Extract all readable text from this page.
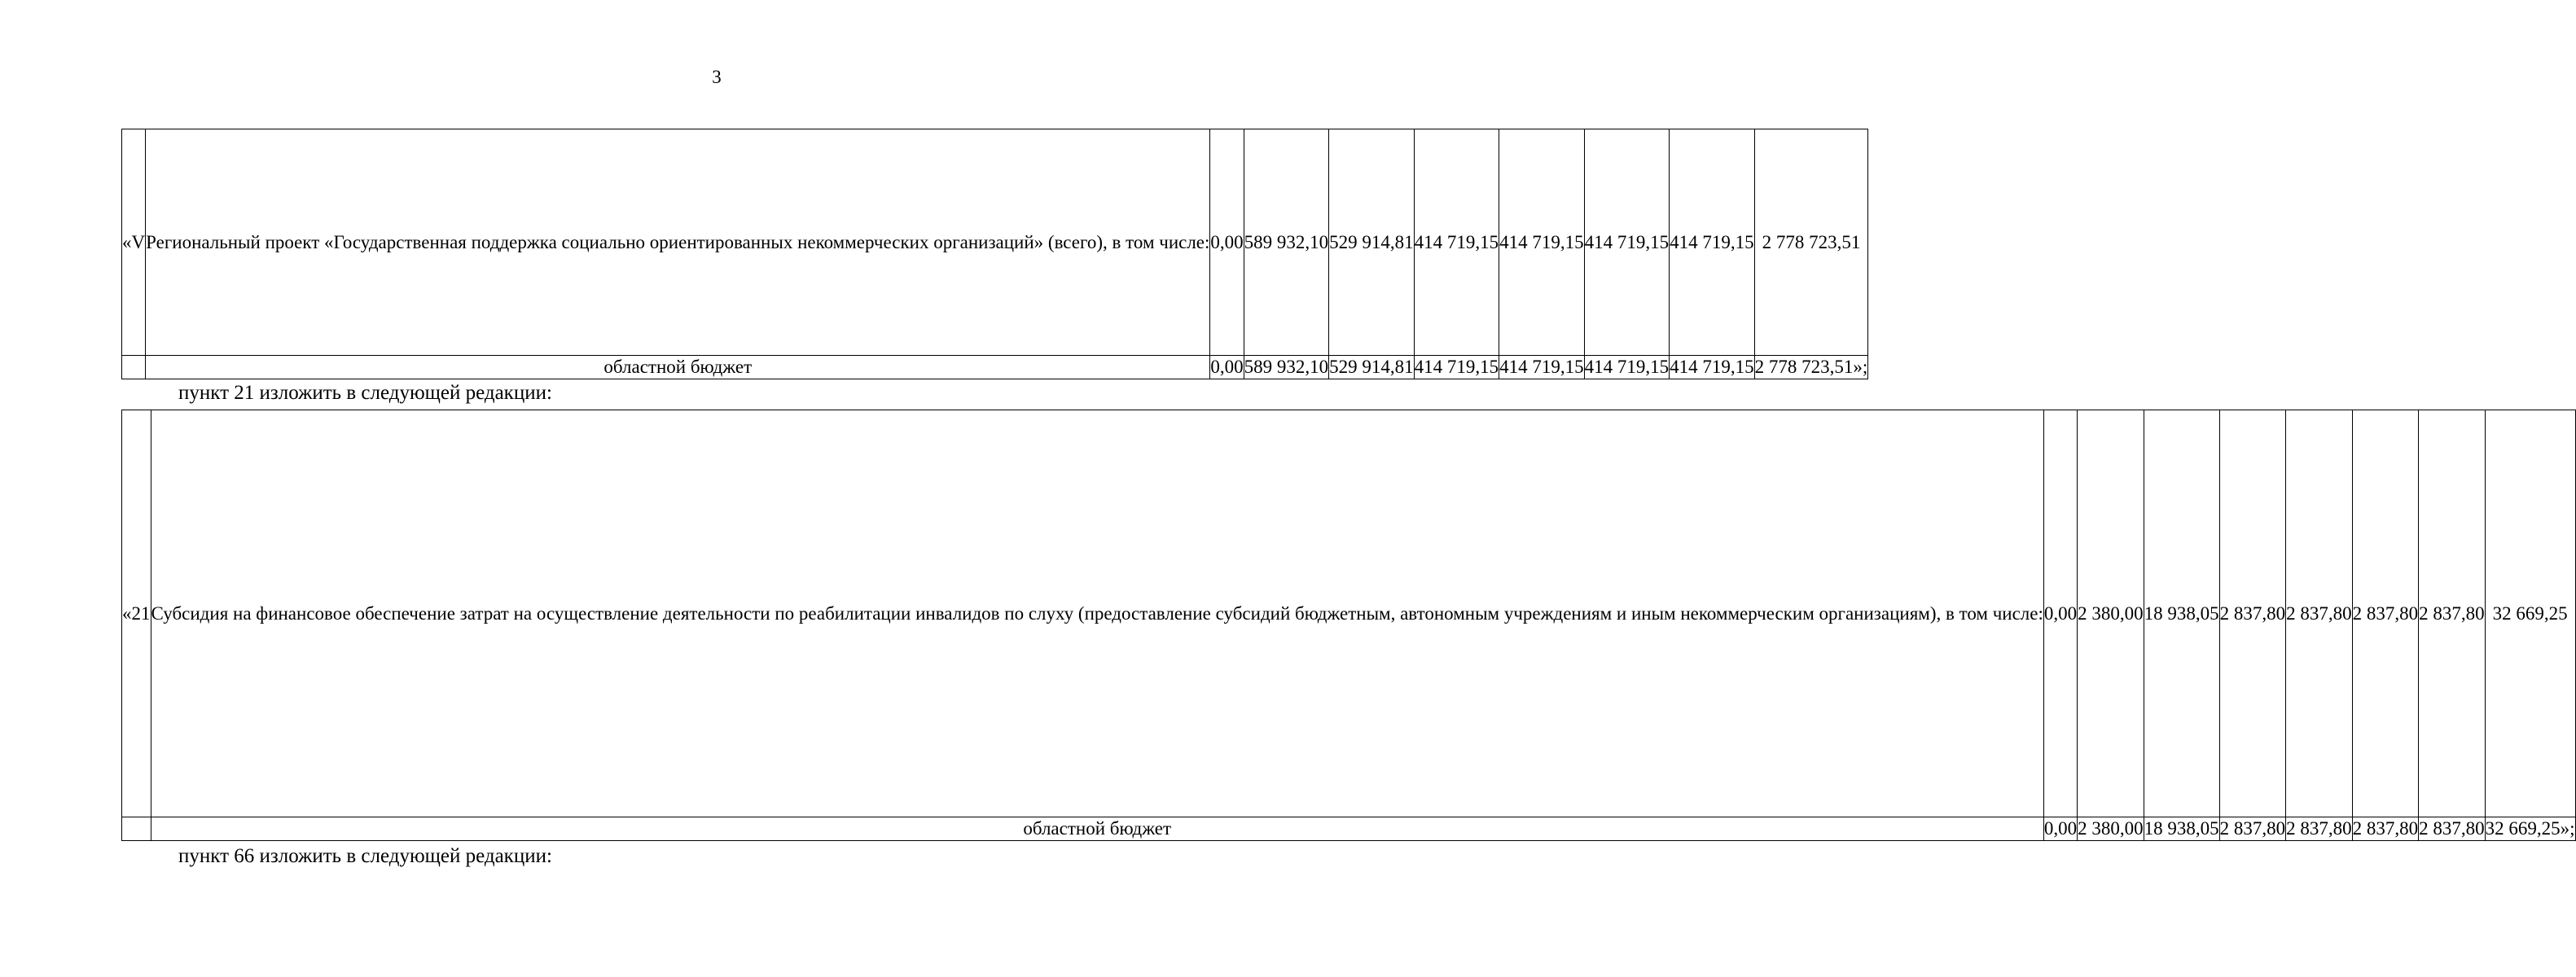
3
«V	Региональный проект «Государственная поддержка социально ориентированных некоммерческих организаций» (всего), в том числе:	0,00	589 932,10	529 914,81	414 719,15	414 719,15	414 719,15	414 719,15	2 778 723,51
	областной бюджет	0,00	589 932,10	529 914,81	414 719,15	414 719,15	414 719,15	414 719,15	2 778 723,51»;
пункт 21 изложить в следующей редакции:
«21	Субсидия на финансовое обеспечение затрат на осуществление деятельности по реабилитации инвалидов по слуху (предоставление субсидий бюджетным, автономным учреждениям и иным некоммерческим организациям), в том числе:	0,00	2 380,00	18 938,05	2 837,80	2 837,80	2 837,80	2 837,80	32 669,25
	областной бюджет	0,00	2 380,00	18 938,05	2 837,80	2 837,80	2 837,80	2 837,80	32 669,25»;
пункт 66 изложить в следующей редакции:
